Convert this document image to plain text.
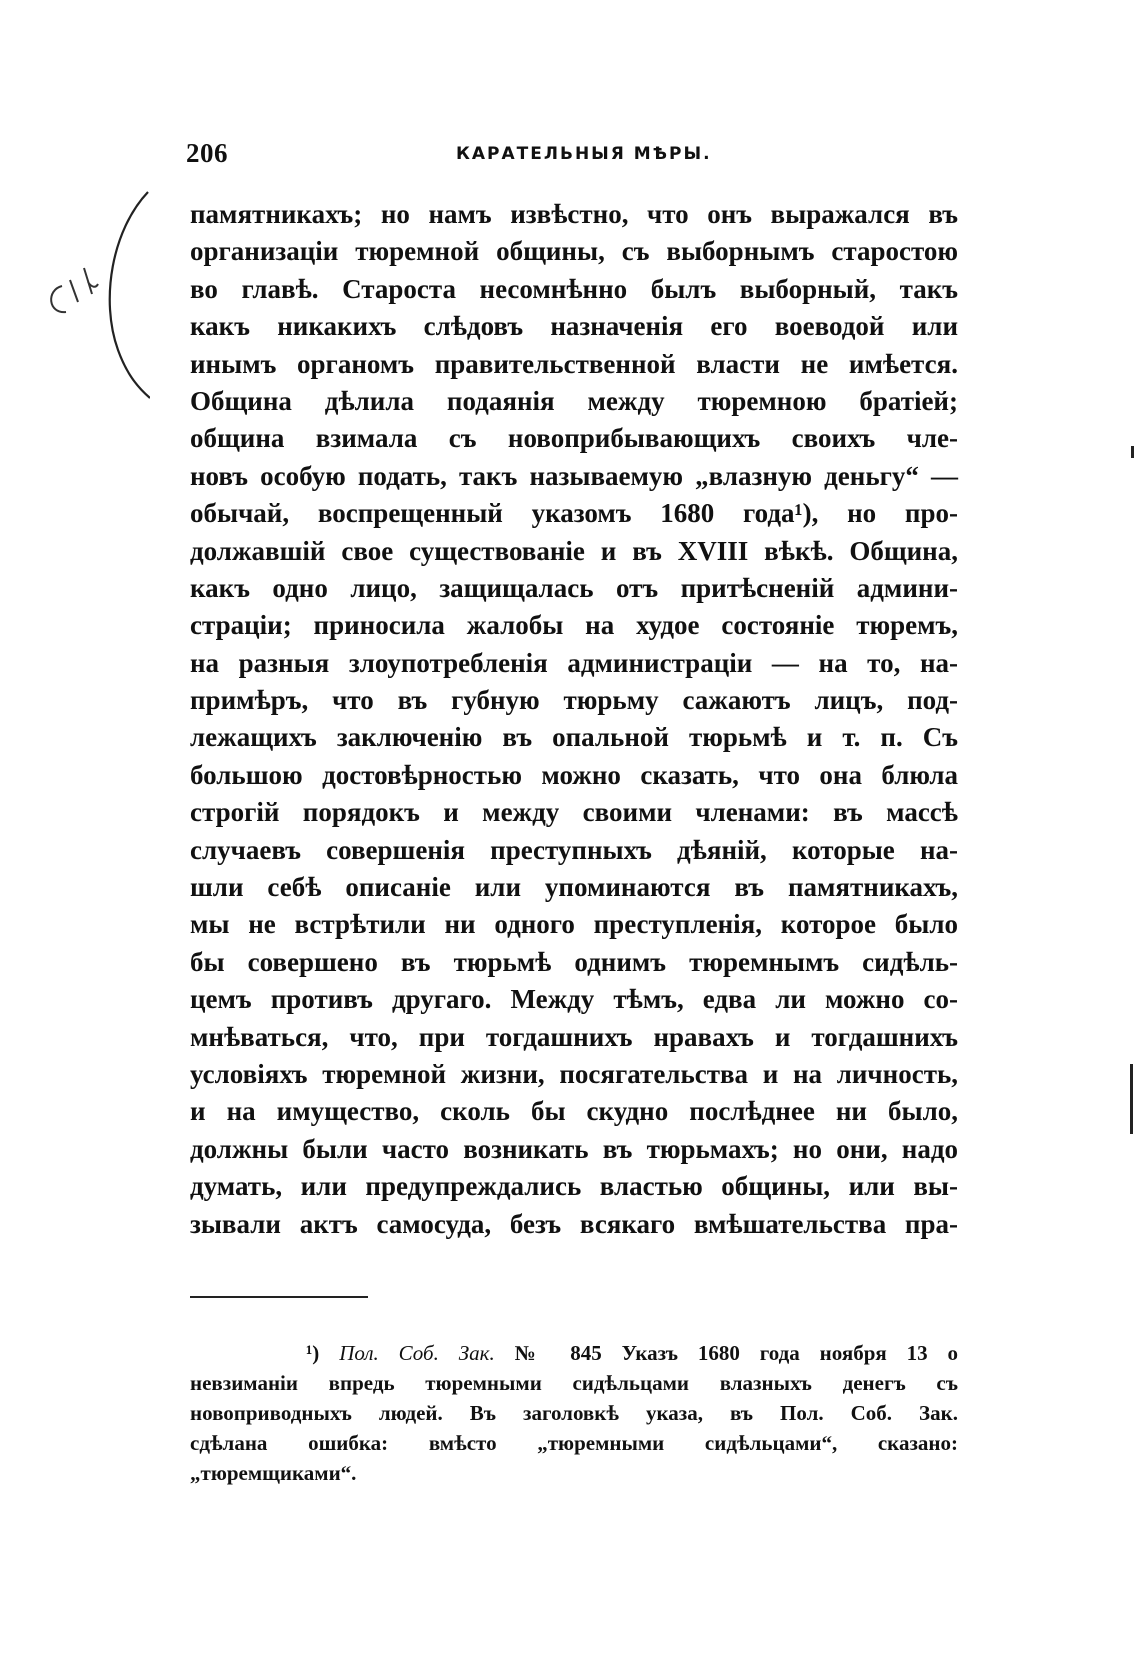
206	КАРАТЕЛЬНЫЯ МѢРЫ.
памятникахъ; но намъ извѣстно, что онъ выражался въ
организаціи тюремной общины, съ выборнымъ старостою
во главѣ. Староста несомнѣнно былъ выборный, такъ
какъ никакихъ слѣдовъ назначенія его воеводой или
инымъ органомъ правительственной власти не имѣется.
Община дѣлила подаянія между тюремною братіей;
община взимала съ новоприбывающихъ своихъ чле-
новъ особую подать, такъ называемую „влазную деньгу“ —
обычай, воспрещенный указомъ 1680 года¹), но про-
должавшій свое существованіе и въ XVIII вѣкѣ. Община,
какъ одно лицо, защищалась отъ притѣсненій админи-
страціи; приносила жалобы на худое состояніе тюремъ,
на разныя злоупотребленія администраціи — на то, на-
примѣръ, что въ губную тюрьму сажаютъ лицъ, под-
лежащихъ заключенію въ опальной тюрьмѣ и т. п. Съ
большою достовѣрностью можно сказать, что она блюла
строгій порядокъ и между своими членами: въ массѣ
случаевъ совершенія преступныхъ дѣяній, которые на-
шли себѣ описаніе или упоминаются въ памятникахъ,
мы не встрѣтили ни одного преступленія, которое было
бы совершено въ тюрьмѣ однимъ тюремнымъ сидѣль-
цемъ противъ другаго. Между тѣмъ, едва ли можно со-
мнѣваться, что, при тогдашнихъ нравахъ и тогдашнихъ
условіяхъ тюремной жизни, посягательства и на личность,
и на имущество, сколь бы скудно послѣднее ни было,
должны были часто возникать въ тюрьмахъ; но они, надо
думать, или предупреждались властью общины, или вы-
зывали актъ самосуда, безъ всякаго вмѣшательства пра-
¹) Пол. Соб. Зак. № 845 Указъ 1680 года ноября 13 о
невзиманіи впредь тюремными сидѣльцами влазныхъ денегъ съ
новоприводныхъ людей. Въ заголовкѣ указа, въ Пол. Соб. Зак.
сдѣлана ошибка: вмѣсто „тюремными сидѣльцами“, сказано:
„тюремщиками“.
